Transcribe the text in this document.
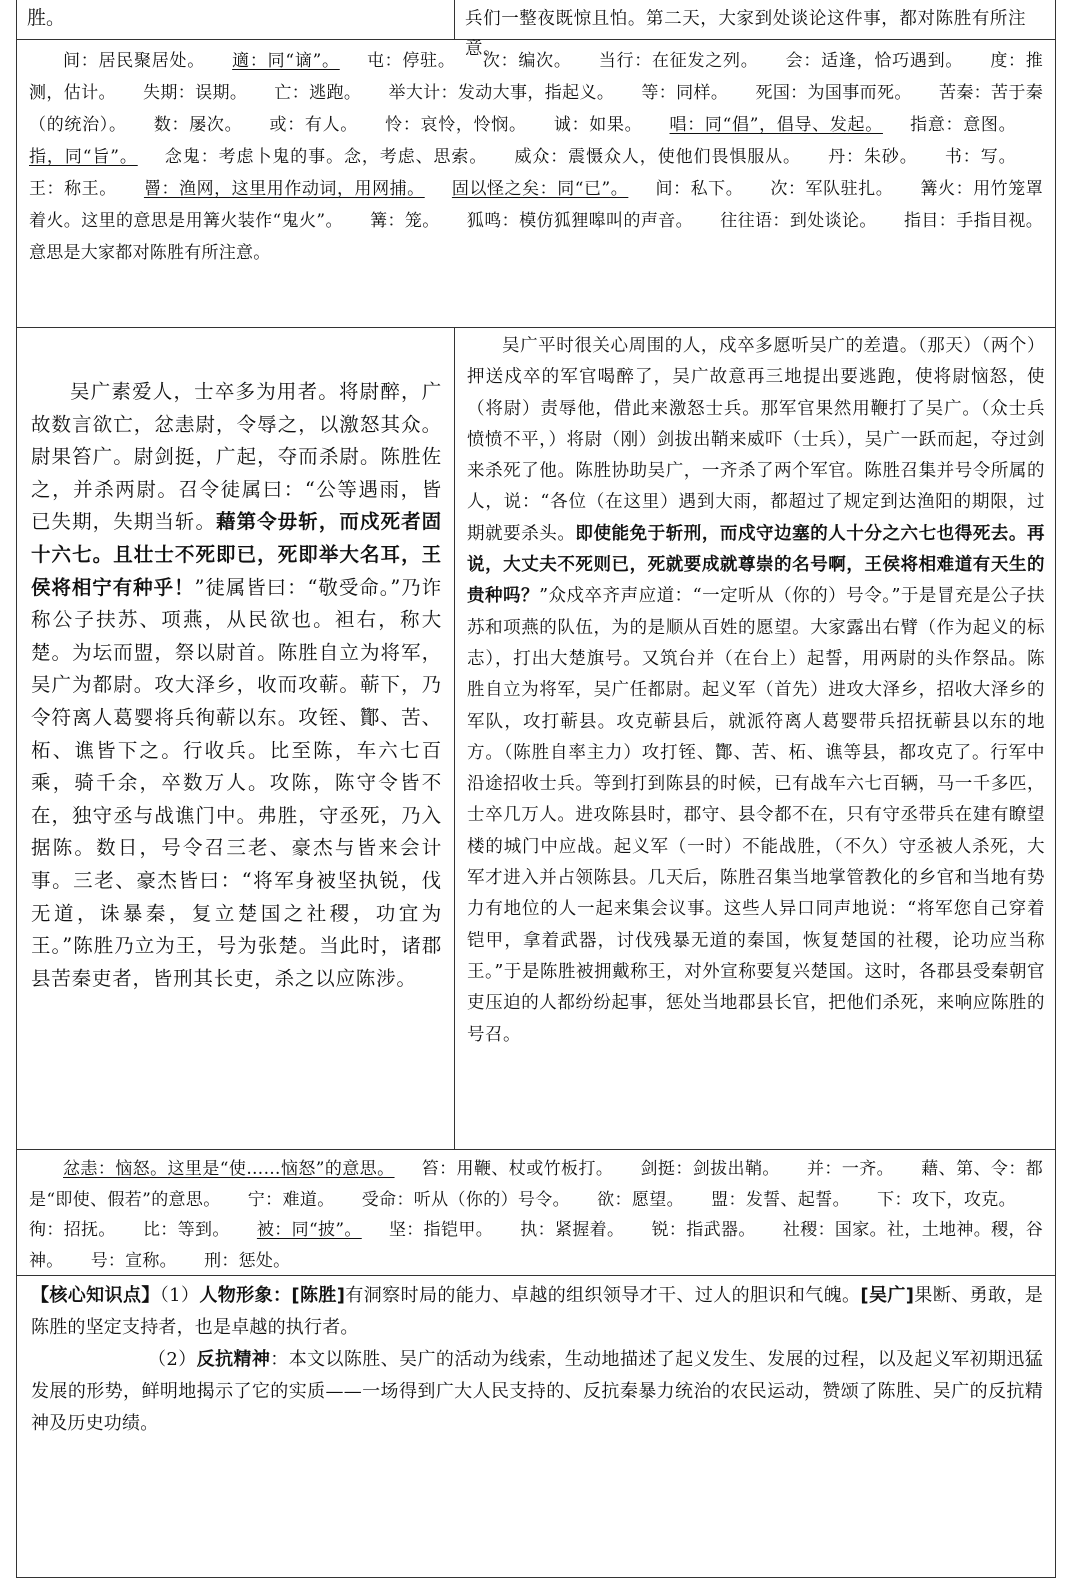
胜。	兵们一整夜既惊且怕。第二天，大家到处谈论这件事，都对陈胜有所注意。

间：居民聚居处。 適：同“谪”。 屯：停驻。 次：编次。 当行：在征发之列。 会：适逢，恰巧遇到。 度：推测，估计。 失期：误期。 亡：逃跑。 举大计：发动大事，指起义。 等：同样。 死国：为国事而死。 苦秦：苦于秦（的统治）。 数：屡次。 或：有人。 怜：哀怜，怜悯。 诚：如果。 唱：同“倡”，倡导、发起。 指意：意图。指，同“旨”。 念鬼：考虑卜鬼的事。念，考虑、思索。 威众：震慑众人，使他们畏惧服从。 丹：朱砂。 书：写。王：称王。 罾：渔网，这里用作动词，用网捕。 固以怪之矣：同“已”。 间：私下。 次：军队驻扎。 篝火：用竹笼罩着火。这里的意思是用篝火装作“鬼火”。 篝：笼。 狐鸣：模仿狐狸嗥叫的声音。 往往语：到处谈论。 指目：手指目视。意思是大家都对陈胜有所注意。

吴广素爱人，士卒多为用者。将尉醉，广故数言欲亡，忿恚尉，令辱之，以激怒其众。尉果笞广。尉剑挺，广起，夺而杀尉。陈胜佐之，并杀两尉。召令徒属曰：“公等遇雨，皆已失期，失期当斩。藉第令毋斩，而戍死者固十六七。且壮士不死即已，死即举大名耳，王侯将相宁有种乎！”徒属皆曰：“敬受命。”乃诈称公子扶苏、项燕，从民欲也。袒右，称大楚。为坛而盟，祭以尉首。陈胜自立为将军，吴广为都尉。攻大泽乡，收而攻蕲。蕲下，乃令符离人葛婴将兵徇蕲以东。攻铚、酇、苦、柘、谯皆下之。行收兵。比至陈，车六七百乘，骑千余，卒数万人。攻陈，陈守令皆不在，独守丞与战谯门中。弗胜，守丞死，乃入据陈。数日，号令召三老、豪杰与皆来会计事。三老、豪杰皆曰：“将军身被坚执锐，伐无道，诛暴秦，复立楚国之社稷，功宜为王。”陈胜乃立为王，号为张楚。当此时，诸郡县苦秦吏者，皆刑其长吏，杀之以应陈涉。

吴广平时很关心周围的人，戍卒多愿听吴广的差遣。（那天）（两个）押送戍卒的军官喝醉了，吴广故意再三地提出要逃跑，使将尉恼怒，使（将尉）责辱他，借此来激怒士兵。那军官果然用鞭打了吴广。（众士兵愤愤不平，）将尉（刚）剑拔出鞘来威吓（士兵），吴广一跃而起，夺过剑来杀死了他。陈胜协助吴广，一齐杀了两个军官。陈胜召集并号令所属的人，说：“各位（在这里）遇到大雨，都超过了规定到达渔阳的期限，过期就要杀头。即使能免于斩刑，而戍守边塞的人十分之六七也得死去。再说，大丈夫不死则已，死就要成就尊崇的名号啊，王侯将相难道有天生的贵种吗？”众戍卒齐声应道：“一定听从（你的）号令。”于是冒充是公子扶苏和项燕的队伍，为的是顺从百姓的愿望。大家露出右臂（作为起义的标志），打出大楚旗号。又筑台并（在台上）起誓，用两尉的头作祭品。陈胜自立为将军，吴广任都尉。起义军（首先）进攻大泽乡，招收大泽乡的军队，攻打蕲县。攻克蕲县后，就派符离人葛婴带兵招抚蕲县以东的地方。（陈胜自率主力）攻打铚、酇、苦、柘、谯等县，都攻克了。行军中沿途招收士兵。等到打到陈县的时候，已有战车六七百辆，马一千多匹，士卒几万人。进攻陈县时，郡守、县令都不在，只有守丞带兵在建有瞭望楼的城门中应战。起义军（一时）不能战胜，（不久）守丞被人杀死，大军才进入并占领陈县。几天后，陈胜召集当地掌管教化的乡官和当地有势力有地位的人一起来集会议事。这些人异口同声地说：“将军您自己穿着铠甲，拿着武器，讨伐残暴无道的秦国，恢复楚国的社稷，论功应当称王。”于是陈胜被拥戴称王，对外宣称要复兴楚国。这时，各郡县受秦朝官吏压迫的人都纷纷起事，惩处当地郡县长官，把他们杀死，来响应陈胜的号召。

忿恚：恼怒。这里是“使……恼怒”的意思。 笞：用鞭、杖或竹板打。 剑挺：剑拔出鞘。 并：一齐。 藉、第、令：都是“即使、假若”的意思。 宁：难道。 受命：听从（你的）号令。 欲：愿望。 盟：发誓、起誓。 下：攻下，攻克。徇：招抚。 比：等到。 被：同“披”。 坚：指铠甲。 执：紧握着。 锐：指武器。 社稷：国家。社，土地神。稷，谷神。 号：宣称。 刑：惩处。

【核心知识点】（1）人物形象：[陈胜]有洞察时局的能力、卓越的组织领导才干、过人的胆识和气魄。[吴广]果断、勇敢，是陈胜的坚定支持者，也是卓越的执行者。

（2）反抗精神：本文以陈胜、吴广的活动为线索，生动地描述了起义发生、发展的过程，以及起义军初期迅猛发展的形势，鲜明地揭示了它的实质——一场得到广大人民支持的、反抗秦暴力统治的农民运动，赞颂了陈胜、吴广的反抗精神及历史功绩。
